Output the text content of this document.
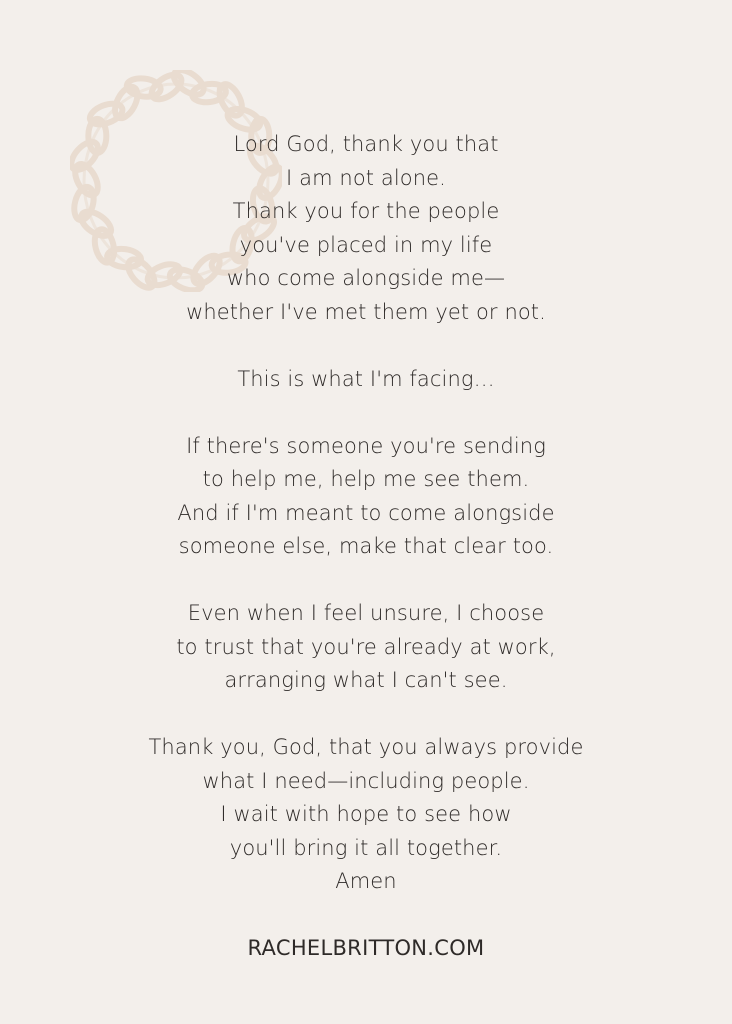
Lord God, thank you that
I am not alone.
Thank you for the people
you've placed in my life
who come alongside me—
whether I've met them yet or not.
This is what I'm facing…
If there's someone you're sending
to help me, help me see them.
And if I'm meant to come alongside
someone else, make that clear too.
Even when I feel unsure, I choose
to trust that you're already at work,
arranging what I can't see.
Thank you, God, that you always provide
what I need—including people.
I wait with hope to see how
you'll bring it all together.
Amen
RACHELBRITTON.COM
